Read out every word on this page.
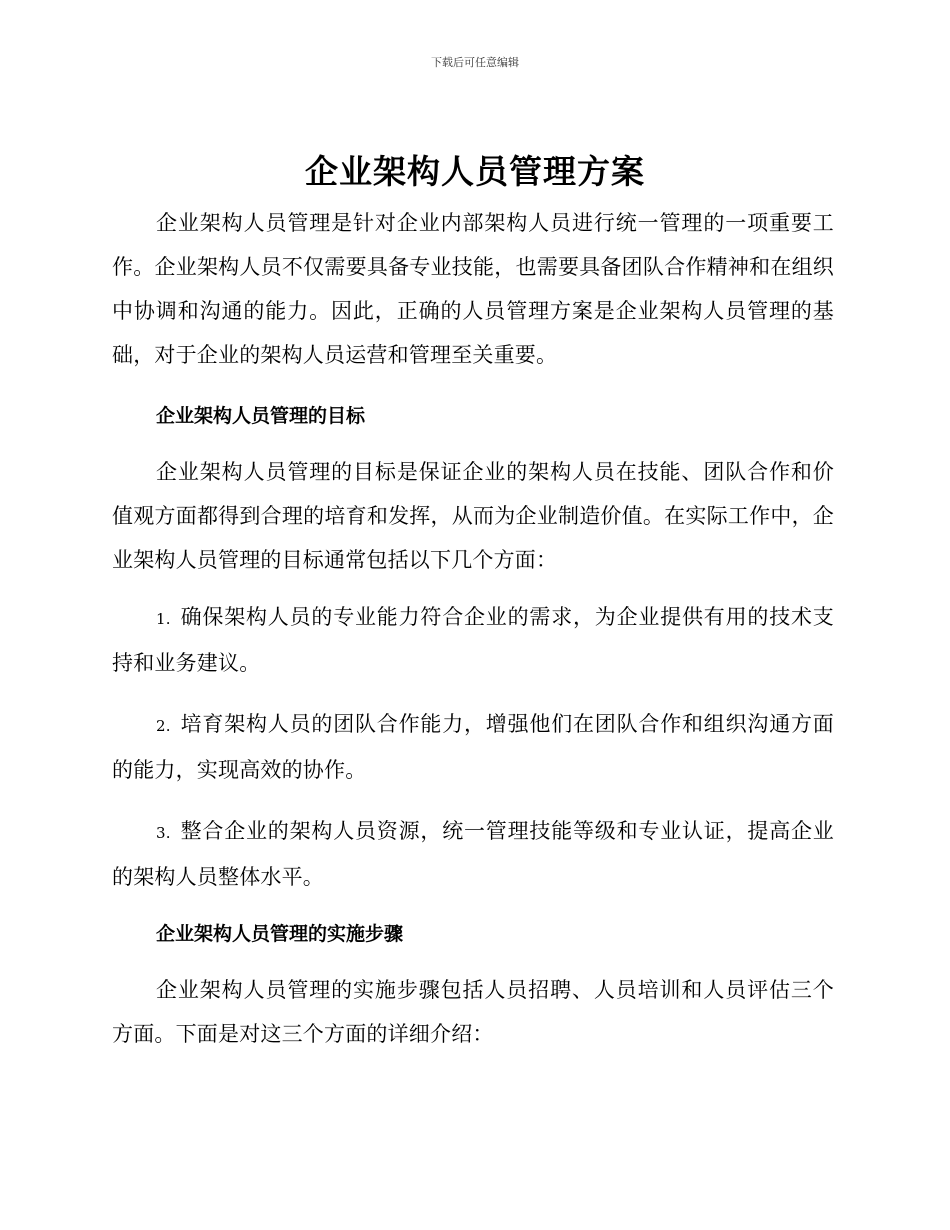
下载后可任意编辑
企业架构人员管理方案

企业架构人员管理是针对企业内部架构人员进行统一管理的一项重要工作。企业架构人员不仅需要具备专业技能，也需要具备团队合作精神和在组织中协调和沟通的能力。因此，正确的人员管理方案是企业架构人员管理的基础，对于企业的架构人员运营和管理至关重要。

企业架构人员管理的目标

企业架构人员管理的目标是保证企业的架构人员在技能、团队合作和价值观方面都得到合理的培育和发挥，从而为企业制造价值。在实际工作中，企业架构人员管理的目标通常包括以下几个方面：

1. 确保架构人员的专业能力符合企业的需求，为企业提供有用的技术支持和业务建议。
2. 培育架构人员的团队合作能力，增强他们在团队合作和组织沟通方面的能力，实现高效的协作。
3. 整合企业的架构人员资源，统一管理技能等级和专业认证，提高企业的架构人员整体水平。
企业架构人员管理的实施步骤

企业架构人员管理的实施步骤包括人员招聘、人员培训和人员评估三个方面。下面是对这三个方面的详细介绍：
